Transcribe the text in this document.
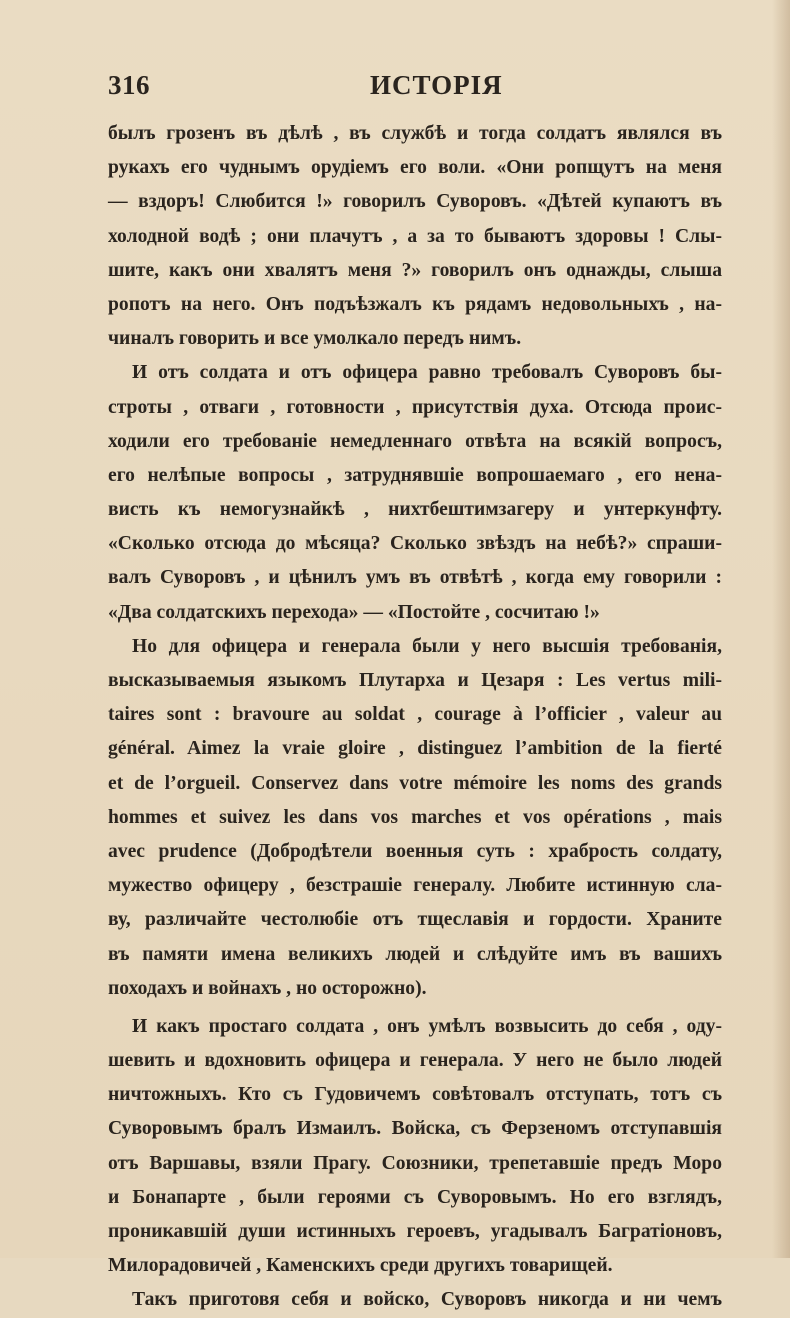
316	ИСТОРІЯ
былъ грозенъ въ дѣлѣ , въ службѣ и тогда солдатъ являлся въ
рукахъ его чуднымъ орудіемъ его воли. «Они ропщутъ на меня
— вздоръ! Слюбится !» говорилъ Суворовъ. «Дѣтей купаютъ въ
холодной водѣ ; они плачутъ , а за то бываютъ здоровы ! Слы-
шите, какъ они хвалятъ меня ?» говорилъ онъ однажды, слыша
ропотъ на него. Онъ подъѣзжалъ къ рядамъ недовольныхъ , на-
чиналъ говорить и все умолкало передъ нимъ.
И отъ солдата и отъ офицера равно требовалъ Суворовъ бы-
строты , отваги , готовности , присутствія духа. Отсюда проис-
ходили его требованіе немедленнаго отвѣта на всякій вопросъ,
его нелѣпые вопросы , затруднявшіе вопрошаемаго , его нена-
висть къ немогузнайкѣ , нихтбештимзагеру и унтеркунфту.
«Сколько отсюда до мѣсяца? Сколько звѣздъ на небѣ?» спраши-
валъ Суворовъ , и цѣнилъ умъ въ отвѣтѣ , когда ему говорили :
«Два солдатскихъ перехода» — «Постойте , сосчитаю !»
Но для офицера и генерала были у него высшія требованія,
высказываемыя языкомъ Плутарха и Цезаря : Les vertus mili-
taires sont : bravoure au soldat , courage à l’officier , valeur au
général. Aimez la vraie gloire , distinguez l’ambition de la fierté
et de l’orgueil. Conservez dans votre mémoire les noms des grands
hommes et suivez les dans vos marches et vos opérations , mais
avec prudence (Добродѣтели военныя суть : храбрость солдату,
мужество офицеру , безстрашіе генералу. Любите истинную сла-
ву, различайте честолюбіе отъ тщеславія и гордости. Храните
въ памяти имена великихъ людей и слѣдуйте имъ въ вашихъ
походахъ и войнахъ , но осторожно).
И какъ простаго солдата , онъ умѣлъ возвысить до себя , оду-
шевить и вдохновить офицера и генерала. У него не было людей
ничтожныхъ. Кто съ Гудовичемъ совѣтовалъ отступать, тотъ съ
Суворовымъ бралъ Измаилъ. Войска, съ Ферзеномъ отступавшія
отъ Варшавы, взяли Прагу. Союзники, трепетавшіе предъ Моро
и Бонапарте , были героями съ Суворовымъ. Но его взглядъ,
проникавшій души истинныхъ героевъ, угадывалъ Багратіоновъ,
Милорадовичей , Каменскихъ среди другихъ товарищей.
Такъ приготовя себя и войско, Суворовъ никогда и ни чемъ
